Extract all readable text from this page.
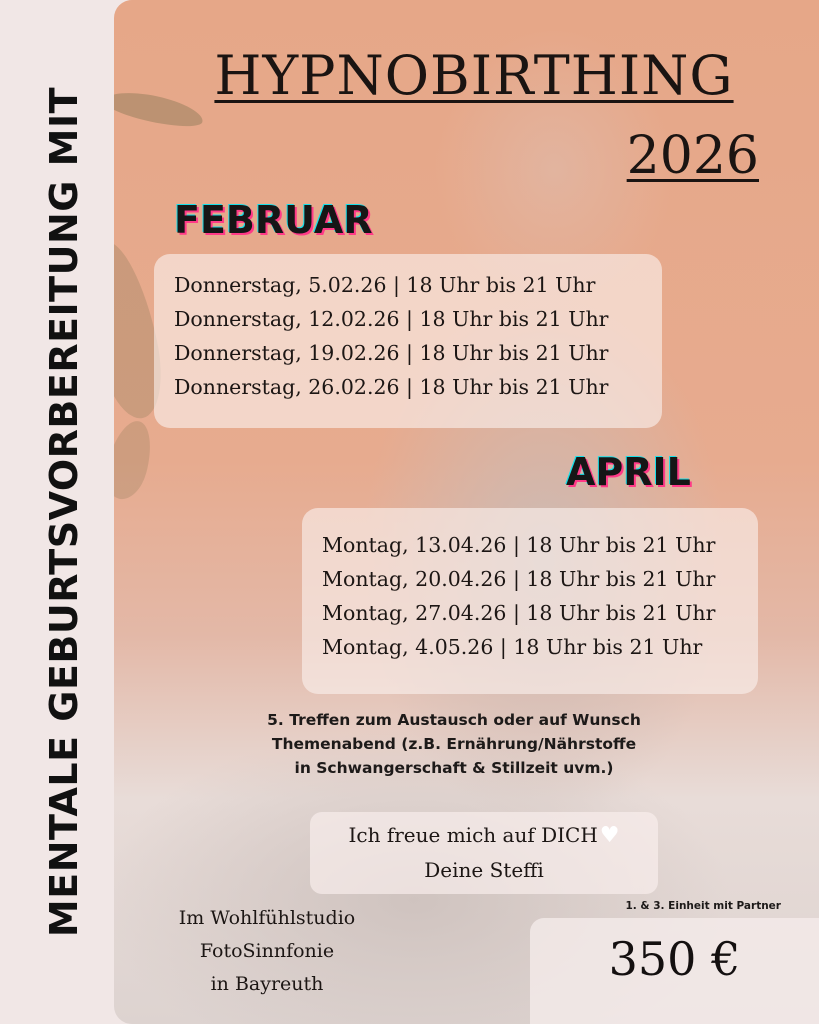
MENTALE GEBURTSVORBEREITUNG MIT
HYPNOBIRTHING
2026
FEBRUAR
Donnerstag, 5.02.26 | 18 Uhr bis 21 Uhr
Donnerstag, 12.02.26 | 18 Uhr bis 21 Uhr
Donnerstag, 19.02.26 | 18 Uhr bis 21 Uhr
Donnerstag, 26.02.26 | 18 Uhr bis 21 Uhr
APRIL
Montag, 13.04.26 | 18 Uhr bis 21 Uhr
Montag, 20.04.26 | 18 Uhr bis 21 Uhr
Montag, 27.04.26 | 18 Uhr bis 21 Uhr
Montag, 4.05.26 | 18 Uhr bis 21 Uhr
5. Treffen zum Austausch oder auf Wunsch
Themenabend (z.B. Ernährung/Nährstoffe
in Schwangerschaft & Stillzeit uvm.)
Ich freue mich auf DICH♥
Deine Steffi
Im Wohlfühlstudio
FotoSinnfonie
in Bayreuth
1. & 3. Einheit mit Partner
350 €
